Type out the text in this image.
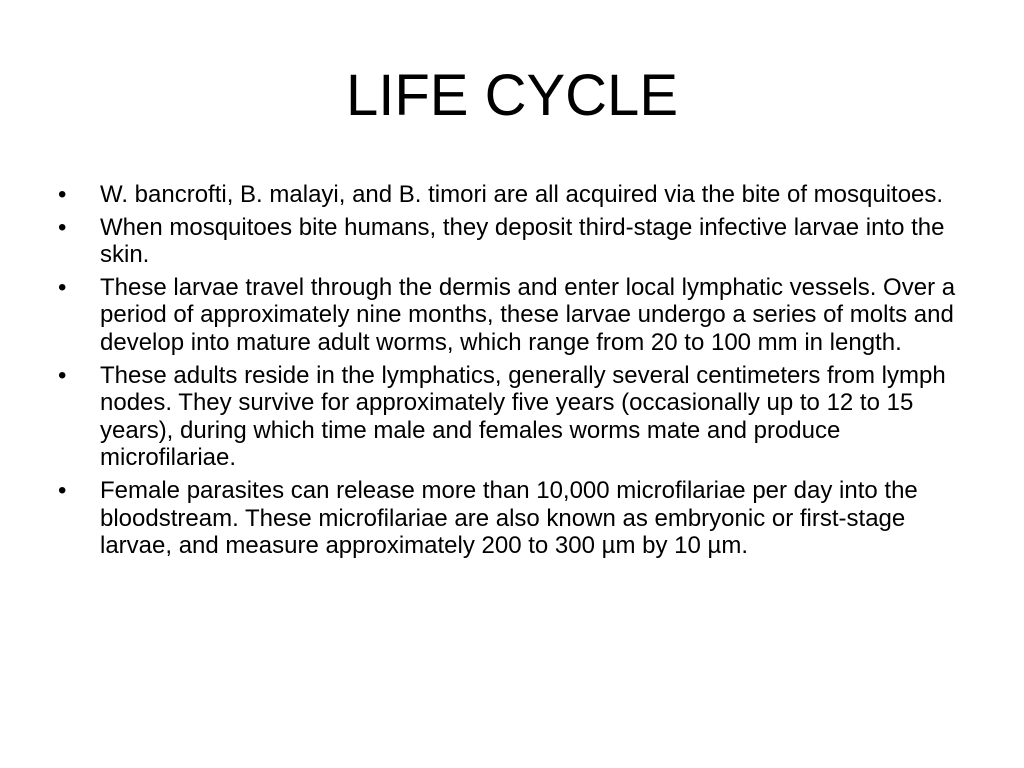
LIFE CYCLE
•	W. bancrofti, B. malayi, and B. timori are all acquired via the bite of mosquitoes.
•	When mosquitoes bite humans, they deposit third-stage infective larvae into the skin.
•	These larvae travel through the dermis and enter local lymphatic vessels. Over a period of approximately nine months, these larvae undergo a series of molts and develop into mature adult worms, which range from 20 to 100 mm in length.
•	These adults reside in the lymphatics, generally several centimeters from lymph nodes. They survive for approximately five years (occasionally up to 12 to 15 years), during which time male and females worms mate and produce microfilariae.
•	Female parasites can release more than 10,000 microfilariae per day into the bloodstream. These microfilariae are also known as embryonic or first-stage larvae, and measure approximately 200 to 300 µm by 10 µm.
